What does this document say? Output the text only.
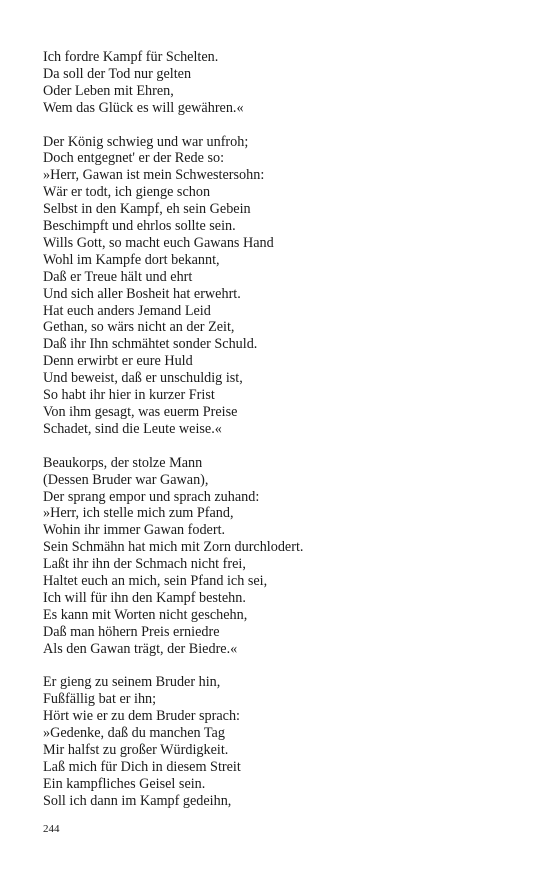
Ich fordre Kampf für Schelten.
Da soll der Tod nur gelten
Oder Leben mit Ehren,
Wem das Glück es will gewähren.«
Der König schwieg und war unfroh;
Doch entgegnet' er der Rede so:
»Herr, Gawan ist mein Schwestersohn:
Wär er todt, ich gienge schon
Selbst in den Kampf, eh sein Gebein
Beschimpft und ehrlos sollte sein.
Wills Gott, so macht euch Gawans Hand
Wohl im Kampfe dort bekannt,
Daß er Treue hält und ehrt
Und sich aller Bosheit hat erwehrt.
Hat euch anders Jemand Leid
Gethan, so wärs nicht an der Zeit,
Daß ihr Ihn schmähtet sonder Schuld.
Denn erwirbt er eure Huld
Und beweist, daß er unschuldig ist,
So habt ihr hier in kurzer Frist
Von ihm gesagt, was euerm Preise
Schadet, sind die Leute weise.«
Beaukorps, der stolze Mann
(Dessen Bruder war Gawan),
Der sprang empor und sprach zuhand:
»Herr, ich stelle mich zum Pfand,
Wohin ihr immer Gawan fodert.
Sein Schmähn hat mich mit Zorn durchlodert.
Laßt ihr ihn der Schmach nicht frei,
Haltet euch an mich, sein Pfand ich sei,
Ich will für ihn den Kampf bestehn.
Es kann mit Worten nicht geschehn,
Daß man höhern Preis erniedre
Als den Gawan trägt, der Biedre.«
Er gieng zu seinem Bruder hin,
Fußfällig bat er ihn;
Hört wie er zu dem Bruder sprach:
»Gedenke, daß du manchen Tag
Mir halfst zu großer Würdigkeit.
Laß mich für Dich in diesem Streit
Ein kampfliches Geisel sein.
Soll ich dann im Kampf gedeihn,
244
